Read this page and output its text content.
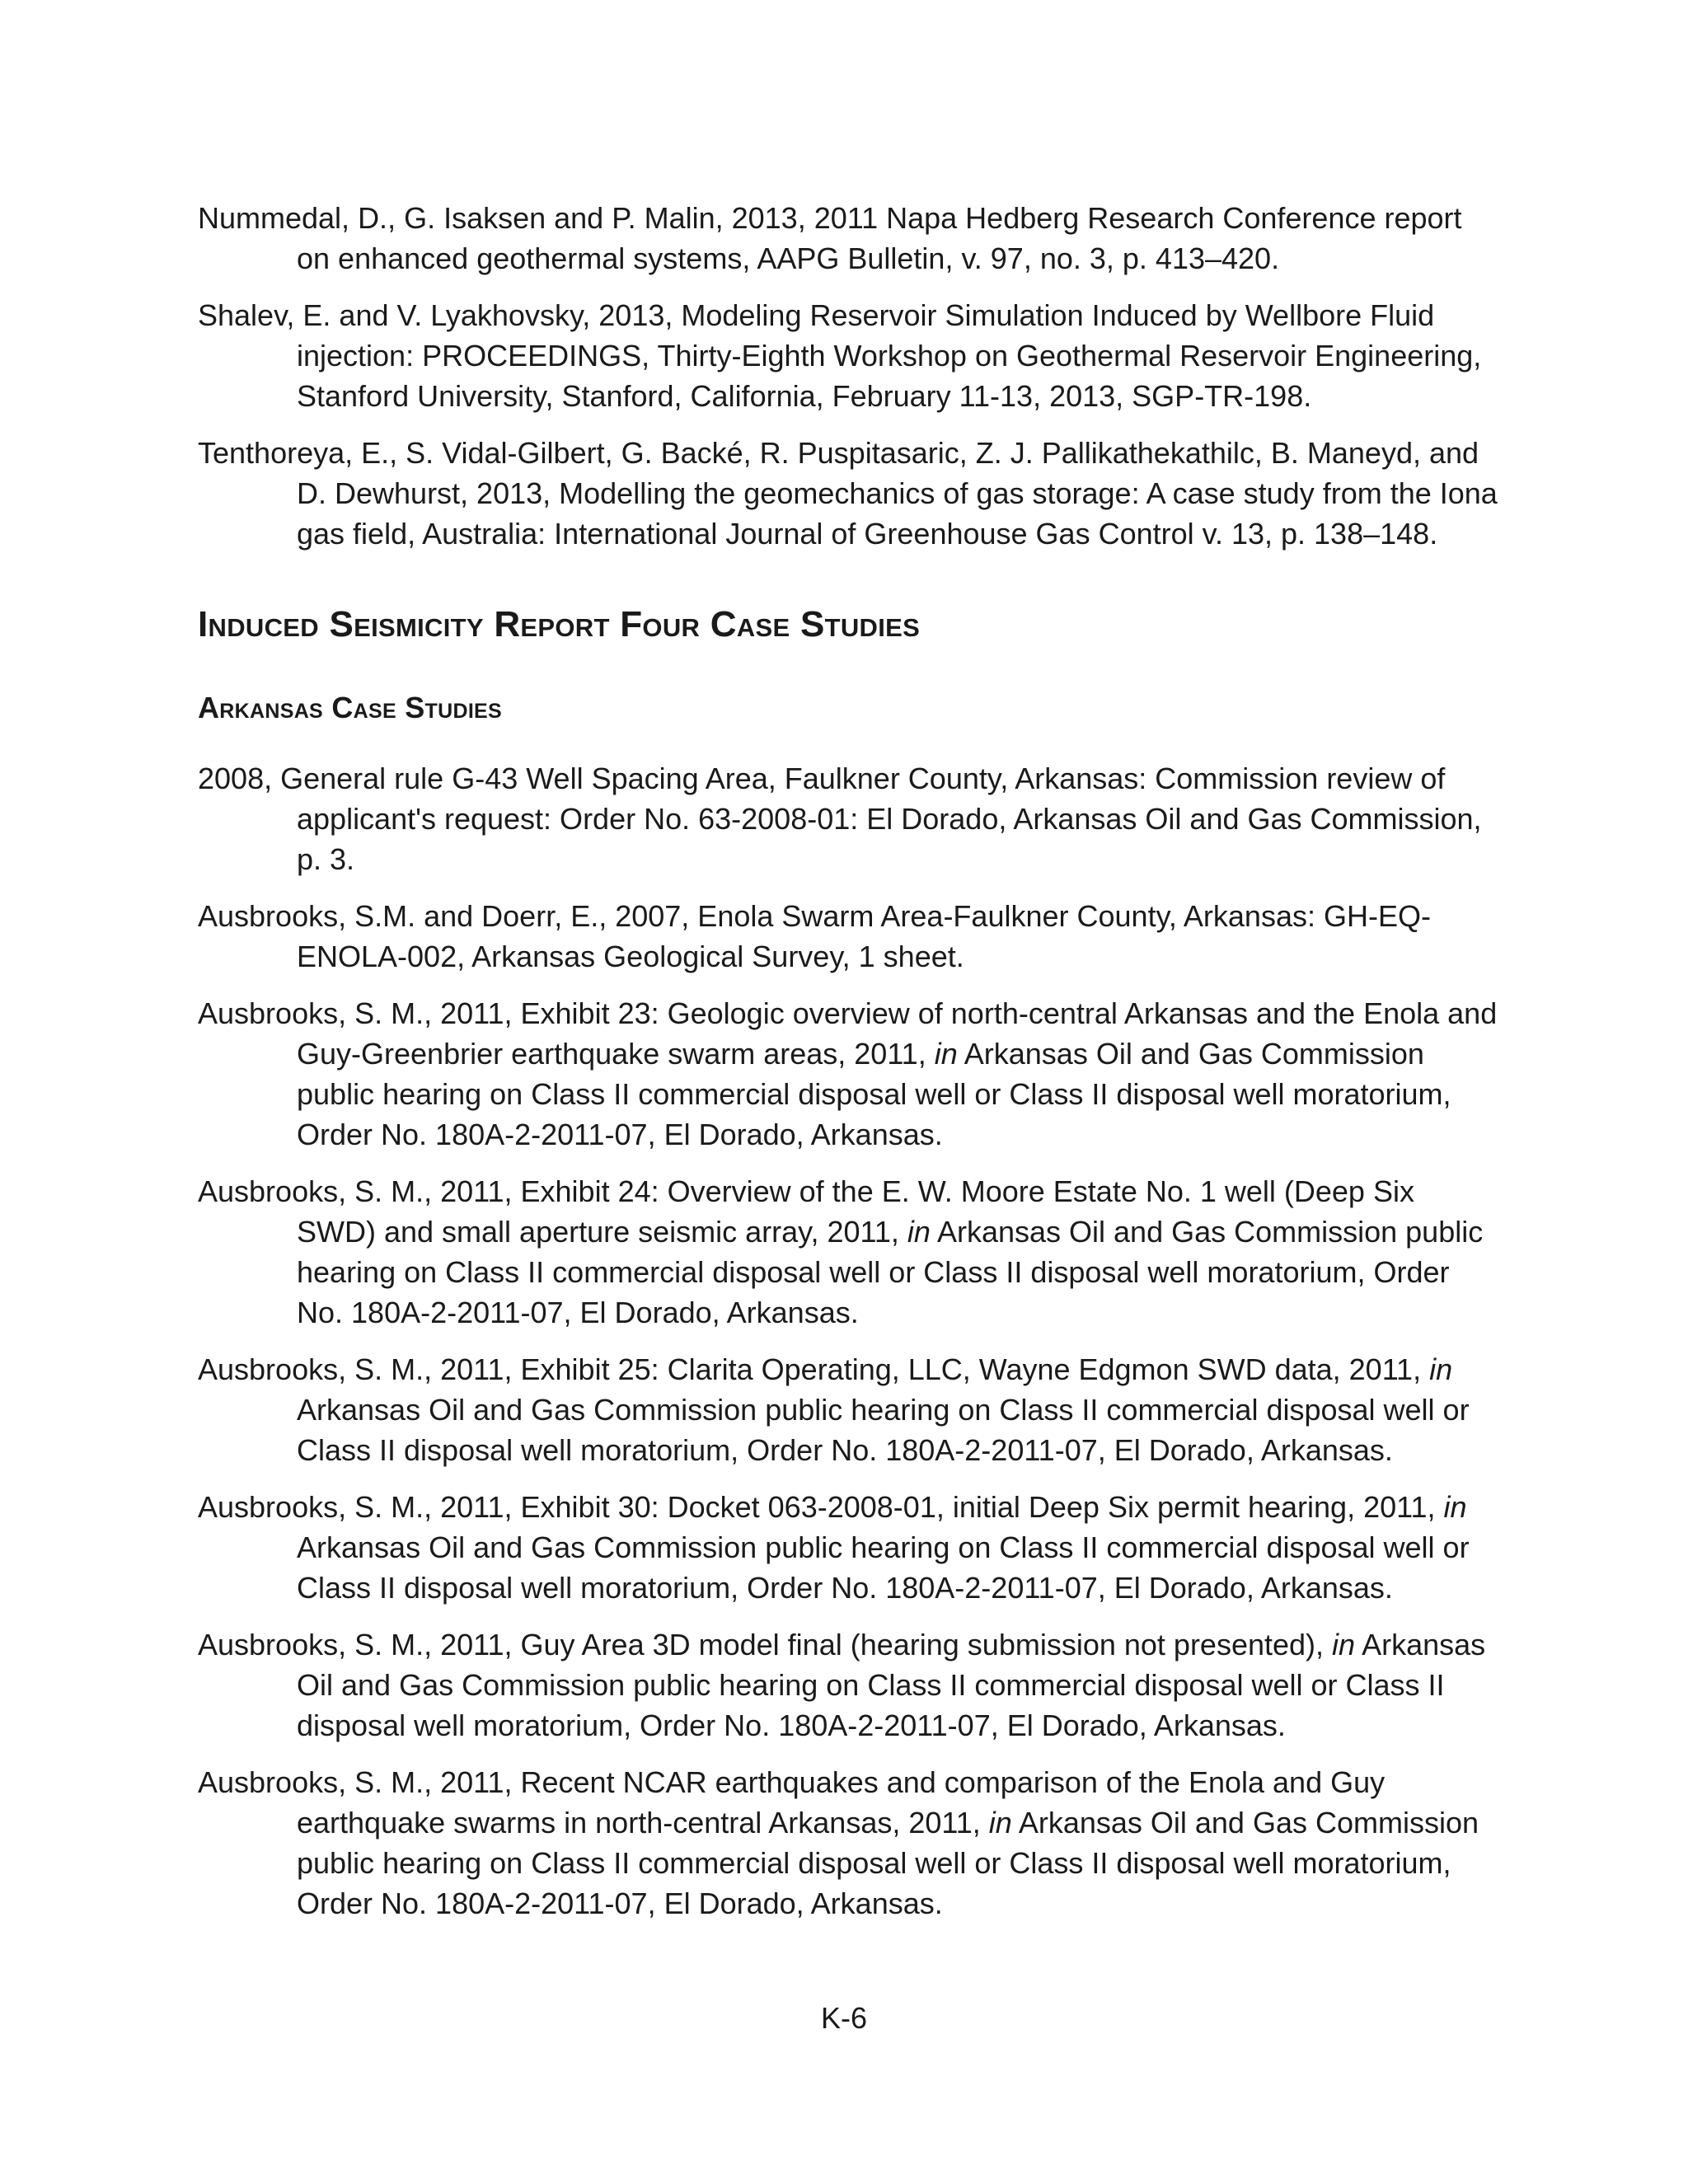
Nummedal, D., G. Isaksen and P. Malin, 2013, 2011 Napa Hedberg Research Conference report on enhanced geothermal systems, AAPG Bulletin, v. 97, no. 3, p. 413–420.

Shalev, E. and V. Lyakhovsky, 2013, Modeling Reservoir Simulation Induced by Wellbore Fluid injection: PROCEEDINGS, Thirty-Eighth Workshop on Geothermal Reservoir Engineering, Stanford University, Stanford, California, February 11-13, 2013, SGP-TR-198.

Tenthoreya, E., S. Vidal-Gilbert, G. Backé, R. Puspitasaric, Z. J. Pallikathekathilc, B. Maneyd, and D. Dewhurst, 2013, Modelling the geomechanics of gas storage: A case study from the Iona gas field, Australia: International Journal of Greenhouse Gas Control v. 13, p. 138–148.

Induced Seismicity Report Four Case Studies
Arkansas Case Studies

2008, General rule G-43 Well Spacing Area, Faulkner County, Arkansas: Commission review of applicant's request: Order No. 63-2008-01: El Dorado, Arkansas Oil and Gas Commission, p. 3.

Ausbrooks, S.M. and Doerr, E., 2007, Enola Swarm Area-Faulkner County, Arkansas: GH-EQ-ENOLA-002, Arkansas Geological Survey, 1 sheet.

Ausbrooks, S. M., 2011, Exhibit 23: Geologic overview of north-central Arkansas and the Enola and Guy-Greenbrier earthquake swarm areas, 2011, in Arkansas Oil and Gas Commission public hearing on Class II commercial disposal well or Class II disposal well moratorium, Order No. 180A-2-2011-07, El Dorado, Arkansas.

Ausbrooks, S. M., 2011, Exhibit 24: Overview of the E. W. Moore Estate No. 1 well (Deep Six SWD) and small aperture seismic array, 2011, in Arkansas Oil and Gas Commission public hearing on Class II commercial disposal well or Class II disposal well moratorium, Order No. 180A-2-2011-07, El Dorado, Arkansas.

Ausbrooks, S. M., 2011, Exhibit 25: Clarita Operating, LLC, Wayne Edgmon SWD data, 2011, in Arkansas Oil and Gas Commission public hearing on Class II commercial disposal well or Class II disposal well moratorium, Order No. 180A-2-2011-07, El Dorado, Arkansas.

Ausbrooks, S. M., 2011, Exhibit 30: Docket 063-2008-01, initial Deep Six permit hearing, 2011, in Arkansas Oil and Gas Commission public hearing on Class II commercial disposal well or Class II disposal well moratorium, Order No. 180A-2-2011-07, El Dorado, Arkansas.

Ausbrooks, S. M., 2011, Guy Area 3D model final (hearing submission not presented), in Arkansas Oil and Gas Commission public hearing on Class II commercial disposal well or Class II disposal well moratorium, Order No. 180A-2-2011-07, El Dorado, Arkansas.

Ausbrooks, S. M., 2011, Recent NCAR earthquakes and comparison of the Enola and Guy earthquake swarms in north-central Arkansas, 2011, in Arkansas Oil and Gas Commission public hearing on Class II commercial disposal well or Class II disposal well moratorium, Order No. 180A-2-2011-07, El Dorado, Arkansas.

K-6
